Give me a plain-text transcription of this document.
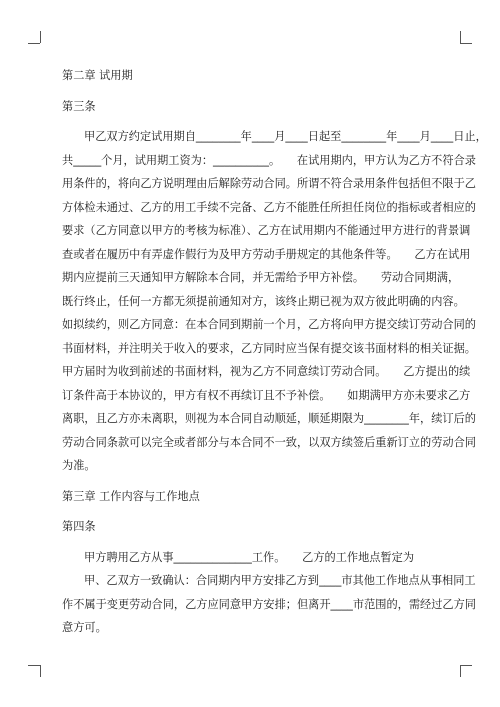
第二章 试用期

第三条

甲乙双方约定试用期自________年____月____日起至________年____月____日止，
共_____个月，试用期工资为：__________。　　在试用期内，甲方认为乙方不符合录
用条件的，将向乙方说明理由后解除劳动合同。所谓不符合录用条件包括但不限于乙
方体检未通过、乙方的用工手续不完备、乙方不能胜任所担任岗位的指标或者相应的
要求（乙方同意以甲方的考核为标准）、乙方在试用期内不能通过甲方进行的背景调
查或者在履历中有弄虚作假行为及甲方劳动手册规定的其他条件等。　　乙方在试用
期内应提前三天通知甲方解除本合同，并无需给予甲方补偿。　　劳动合同期满，
既行终止，任何一方都无须提前通知对方，该终止期已视为双方彼此明确的内容。
如拟续约，则乙方同意：在本合同到期前一个月，乙方将向甲方提交续订劳动合同的
书面材料，并注明关于收入的要求，乙方同时应当保有提交该书面材料的相关证据。
甲方届时为收到前述的书面材料，视为乙方不同意续订劳动合同。　　乙方提出的续
订条件高于本协议的，甲方有权不再续订且不予补偿。　　如期满甲方亦未要求乙方
离职，且乙方亦未离职，则视为本合同自动顺延，顺延期限为________年，续订后的
劳动合同条款可以完全或者部分与本合同不一致，以双方续签后重新订立的劳动合同
为准。

第三章 工作内容与工作地点

第四条

甲方聘用乙方从事______________工作。　　乙方的工作地点暂定为
甲、乙双方一致确认：合同期内甲方安排乙方到____市其他工作地点从事相同工
作不属于变更劳动合同，乙方应同意甲方安排；但离开____市范围的，需经过乙方同
意方可。
